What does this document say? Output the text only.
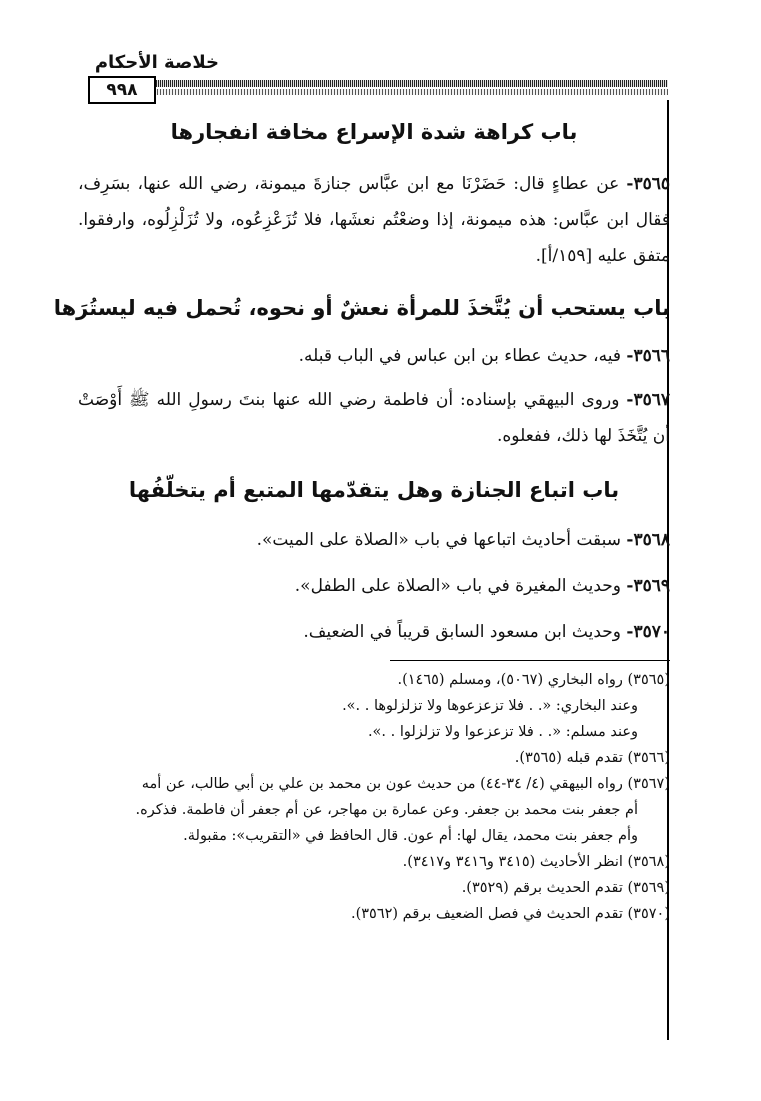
خلاصة الأحكام
٩٩٨
باب كراهة شدة الإسراع مخافة انفجارها

٣٥٦٥- عن عطاءٍ قال: حَضَرْنَا مع ابن عبَّاس جنازةَ ميمونة، رضي الله عنها، بسَرِف، فقال ابن عبَّاس: هذه ميمونة، إذا وضعْتُم نعشَها، فلا تُزَعْزِعُوه، ولا تُزَلْزِلُوه، وارفقوا. متفق عليه [١٥٩/أ].

باب يستحب أن يُتَّخذَ للمرأة نعشٌ أو نحوه، تُحمل فيه ليستُرَها

٣٥٦٦- فيه، حديث عطاء بن ابن عباس في الباب قبله.

٣٥٦٧- وروى البيهقي بإسناده: أن فاطمة رضي الله عنها بنتَ رسولِ الله ﷺ أَوْصَتْ أن يُتَّخَذَ لها ذلك، ففعلوه.

باب اتباع الجنازة وهل يتقدّمها المتبع أم يتخلّفُها

٣٥٦٨- سبقت أحاديث اتباعها في باب «الصلاة على الميت».

٣٥٦٩- وحديث المغيرة في باب «الصلاة على الطفل».

٣٥٧٠- وحديث ابن مسعود السابق قريباً في الضعيف.

(٣٥٦٥) رواه البخاري (٥٠٦٧)، ومسلم (١٤٦٥).

وعند البخاري: «. . فلا تزعزعوها ولا تزلزلوها . .».

وعند مسلم: «. . فلا تزعزعوا ولا تزلزلوا . .».

(٣٥٦٦) تقدم قبله (٣٥٦٥).

(٣٥٦٧) رواه البيهقي (٤/ ٣٤-٤٤) من حديث عون بن محمد بن علي بن أبي طالب، عن أمه

أم جعفر بنت محمد بن جعفر. وعن عمارة بن مهاجر، عن أم جعفر أن فاطمة. فذكره.

وأم جعفر بنت محمد، يقال لها: أم عون. قال الحافظ في «التقريب»: مقبولة.

(٣٥٦٨) انظر الأحاديث (٣٤١٥ و٣٤١٦ و٣٤١٧).

(٣٥٦٩) تقدم الحديث برقم (٣٥٢٩).

(٣٥٧٠) تقدم الحديث في فصل الضعيف برقم (٣٥٦٢).
